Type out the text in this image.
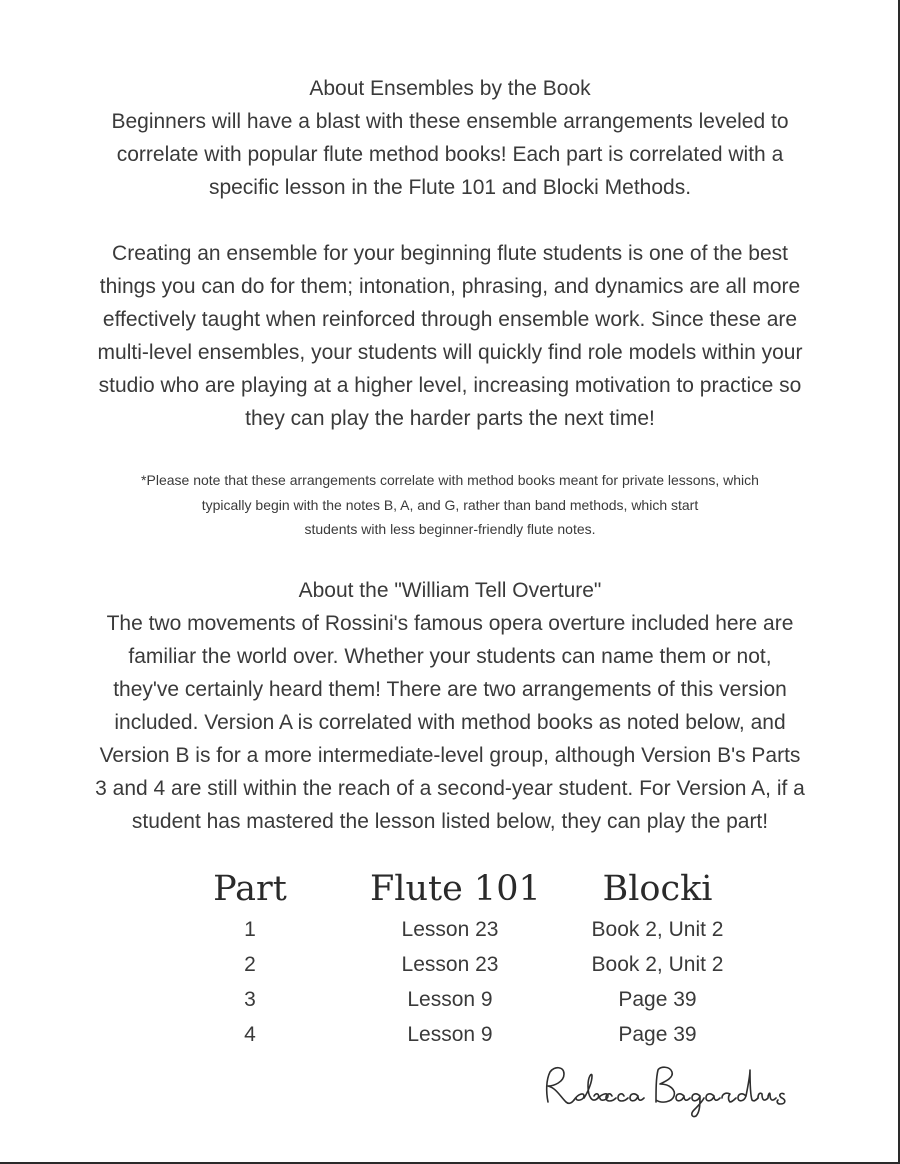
About Ensembles by the Book

Beginners will have a blast with these ensemble arrangements leveled to
correlate with popular flute method books! Each part is correlated with a
specific lesson in the Flute 101 and Blocki Methods.

Creating an ensemble for your beginning flute students is one of the best
things you can do for them; intonation, phrasing, and dynamics are all more
effectively taught when reinforced through ensemble work. Since these are
multi-level ensembles, your students will quickly find role models within your
studio who are playing at a higher level, increasing motivation to practice so
they can play the harder parts the next time!

*Please note that these arrangements correlate with method books meant for private lessons, which
typically begin with the notes B, A, and G, rather than band methods, which start
students with less beginner-friendly flute notes.

About the "William Tell Overture"

The two movements of Rossini's famous opera overture included here are
familiar the world over. Whether your students can name them or not,
they've certainly heard them! There are two arrangements of this version
included. Version A is correlated with method books as noted below, and
Version B is for a more intermediate-level group, although Version B's Parts
3 and 4 are still within the reach of a second-year student. For Version A, if a
student has mastered the lesson listed below, they can play the part!

Part	Flute 101	Blocki
1	Lesson 23	Book 2, Unit 2
2	Lesson 23	Book 2, Unit 2
3	Lesson 9	Page 39
4	Lesson 9	Page 39
